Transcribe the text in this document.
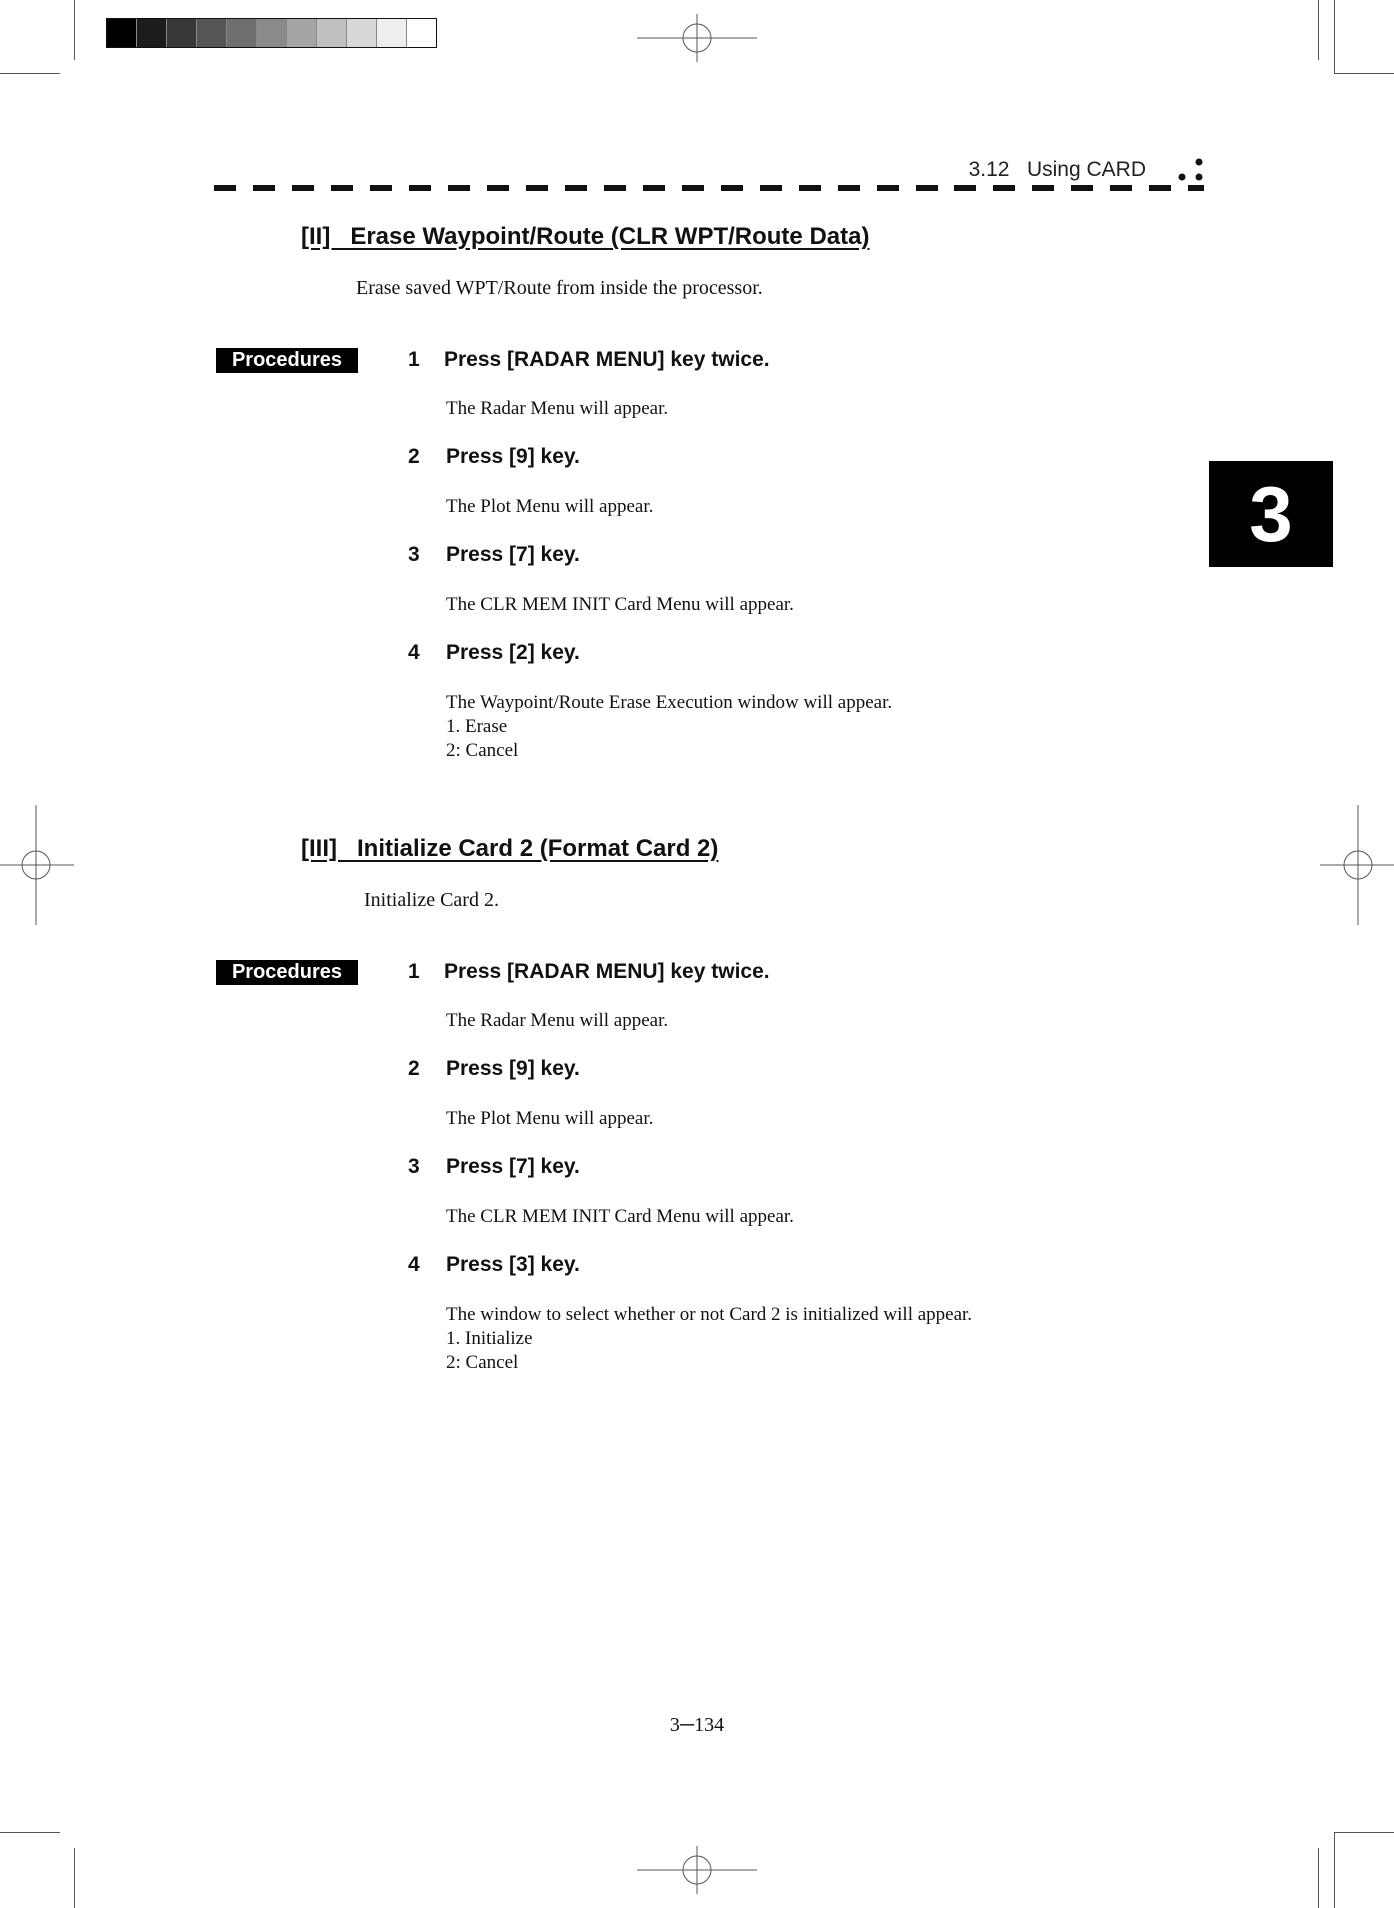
3.12   Using CARD
3
[II]   Erase Waypoint/Route (CLR WPT/Route Data)
Erase saved WPT/Route from inside the processor.
Procedures	1 Press [RADAR MENU] key twice.
The Radar Menu will appear.
2 Press [9] key.
The Plot Menu will appear.
3 Press [7] key.
The CLR MEM INIT Card Menu will appear.
4 Press [2] key.
The Waypoint/Route Erase Execution window will appear.
1. Erase
2: Cancel
[III]   Initialize Card 2 (Format Card 2)
Initialize Card 2.
Procedures	1 Press [RADAR MENU] key twice.
The Radar Menu will appear.
2 Press [9] key.
The Plot Menu will appear.
3 Press [7] key.
The CLR MEM INIT Card Menu will appear.
4 Press [3] key.
The window to select whether or not Card 2 is initialized will appear.
1. Initialize
2: Cancel
3─134
